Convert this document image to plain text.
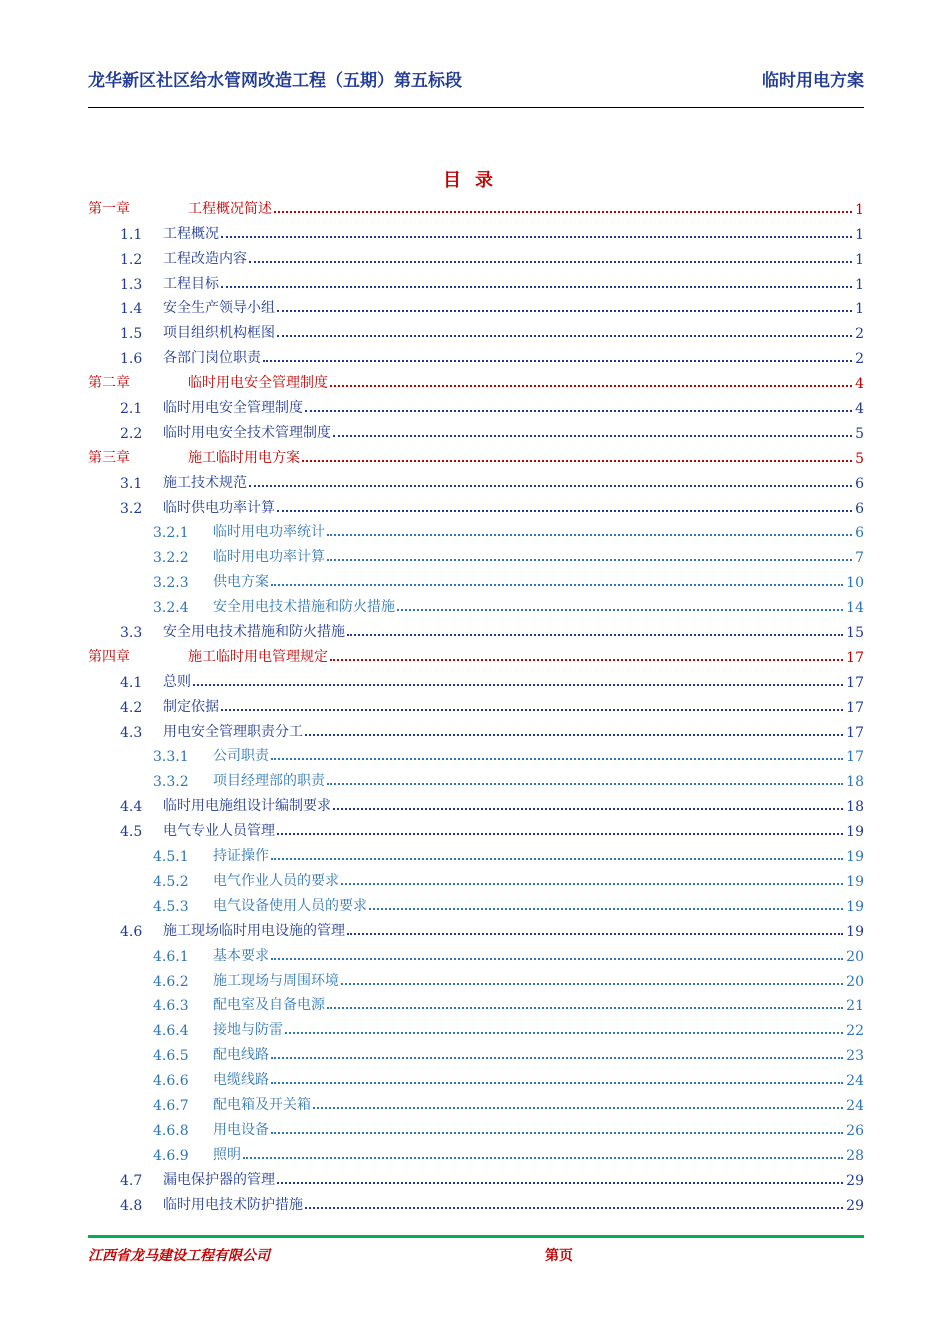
龙华新区社区给水管网改造工程（五期）第五标段	临时用电方案
目录
第一章	工程概况简述	1
1.1	工程概况	1
1.2	工程改造内容	1
1.3	工程目标	1
1.4	安全生产领导小组	1
1.5	项目组织机构框图	2
1.6	各部门岗位职责	2
第二章	临时用电安全管理制度	4
2.1	临时用电安全管理制度	4
2.2	临时用电安全技术管理制度	5
第三章	施工临时用电方案	5
3.1	施工技术规范	6
3.2	临时供电功率计算	6
3.2.1	临时用电功率统计	6
3.2.2	临时用电功率计算	7
3.2.3	供电方案	10
3.2.4	安全用电技术措施和防火措施	14
3.3	安全用电技术措施和防火措施	15
第四章	施工临时用电管理规定	17
4.1	总则	17
4.2	制定依据	17
4.3	用电安全管理职责分工	17
3.3.1	公司职责	17
3.3.2	项目经理部的职责	18
4.4	临时用电施组设计编制要求	18
4.5	电气专业人员管理	19
4.5.1	持证操作	19
4.5.2	电气作业人员的要求	19
4.5.3	电气设备使用人员的要求	19
4.6	施工现场临时用电设施的管理	19
4.6.1	基本要求	20
4.6.2	施工现场与周围环境	20
4.6.3	配电室及自备电源	21
4.6.4	接地与防雷	22
4.6.5	配电线路	23
4.6.6	电缆线路	24
4.6.7	配电箱及开关箱	24
4.6.8	用电设备	26
4.6.9	照明	28
4.7	漏电保护器的管理	29
4.8	临时用电技术防护措施	29
江西省龙马建设工程有限公司	第页
